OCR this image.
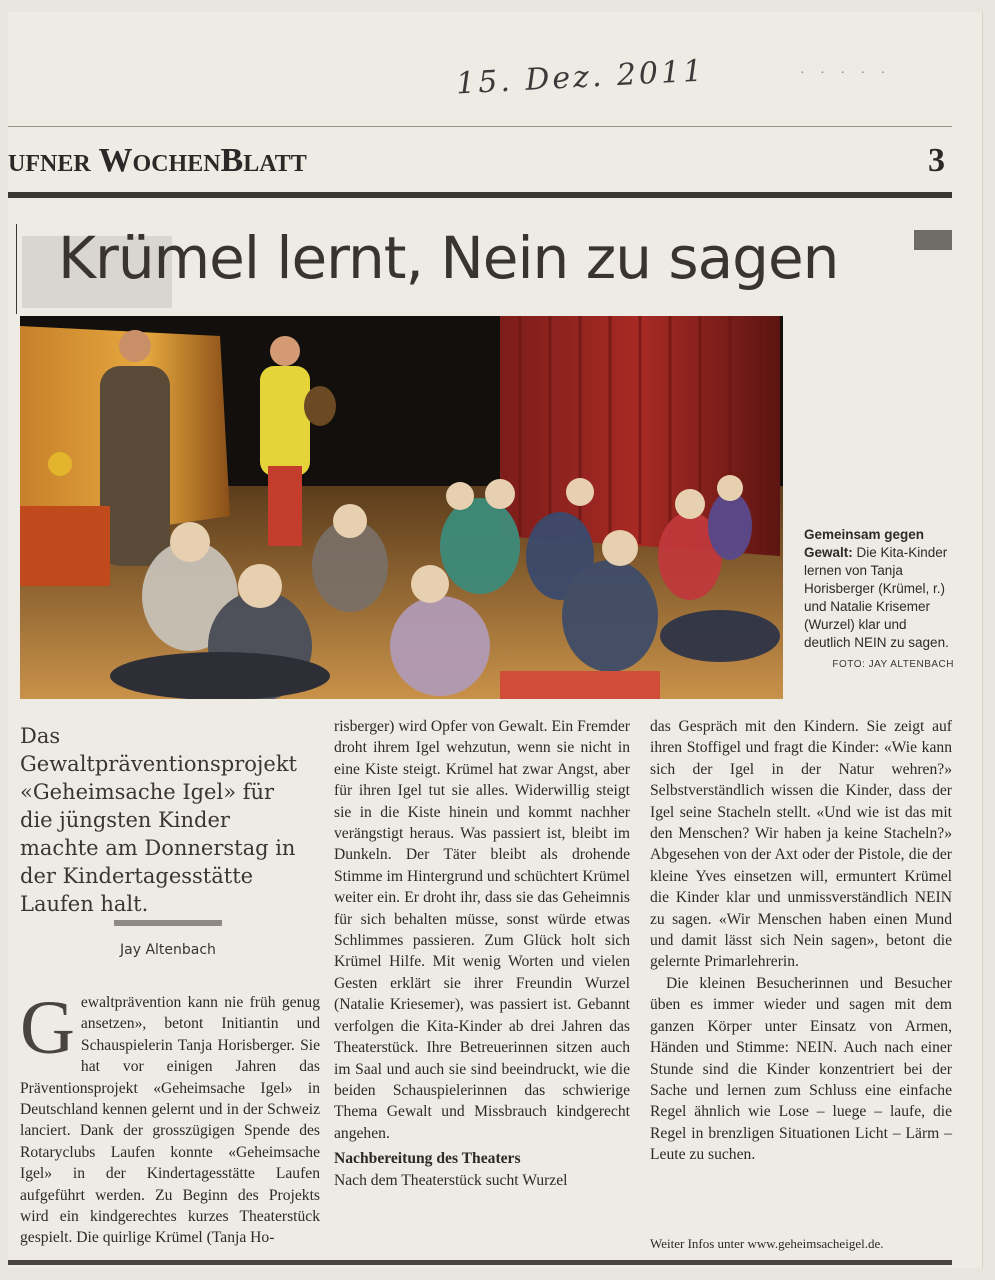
15. Dez. 2011	· · · · ·
ufner WochenBlatt	3
Krümel lernt, Nein zu sagen
Gemeinsam gegen Gewalt: Die Kita-Kinder lernen von Tanja Horisberger (Krümel, r.) und Natalie Krisemer (Wurzel) klar und deutlich NEIN zu sagen.
FOTO: JAY ALTENBACH
Das Gewaltpräventionsprojekt «Geheimsache Igel» für die jüngsten Kinder machte am Donnerstag in der Kindertagesstätte Laufen halt.
Jay Altenbach

Gewaltprävention kann nie früh genug ansetzen», betont Initiantin und Schauspielerin Tanja Horisberger. Sie hat vor einigen Jahren das Präventionsprojekt «Geheimsache Igel» in Deutschland kennen gelernt und in der Schweiz lanciert. Dank der grosszügigen Spende des Rotaryclubs Laufen konnte «Geheimsache Igel» in der Kindertagesstätte Laufen aufgeführt werden. Zu Beginn des Projekts wird ein kindgerechtes kurzes Theaterstück gespielt. Die quirlige Krümel (Tanja Ho-

risberger) wird Opfer von Gewalt. Ein Fremder droht ihrem Igel wehzutun, wenn sie nicht in eine Kiste steigt. Krümel hat zwar Angst, aber für ihren Igel tut sie alles. Widerwillig steigt sie in die Kiste hinein und kommt nachher verängstigt heraus. Was passiert ist, bleibt im Dunkeln. Der Täter bleibt als drohende Stimme im Hintergrund und schüchtert Krümel weiter ein. Er droht ihr, dass sie das Geheimnis für sich behalten müsse, sonst würde etwas Schlimmes passieren. Zum Glück holt sich Krümel Hilfe. Mit wenig Worten und vielen Gesten erklärt sie ihrer Freundin Wurzel (Natalie Kriesemer), was passiert ist. Gebannt verfolgen die Kita-Kinder ab drei Jahren das Theaterstück. Ihre Betreuerinnen sitzen auch im Saal und auch sie sind beeindruckt, wie die beiden Schauspielerinnen das schwierige Thema Gewalt und Missbrauch kindgerecht angehen.

Nachbereitung des Theaters

Nach dem Theaterstück sucht Wurzel

das Gespräch mit den Kindern. Sie zeigt auf ihren Stoffigel und fragt die Kinder: «Wie kann sich der Igel in der Natur wehren?» Selbstverständlich wissen die Kinder, dass der Igel seine Stacheln stellt. «Und wie ist das mit den Menschen? Wir haben ja keine Stacheln?» Abgesehen von der Axt oder der Pistole, die der kleine Yves einsetzen will, ermuntert Krümel die Kinder klar und unmissverständlich NEIN zu sagen. «Wir Menschen haben einen Mund und damit lässt sich Nein sagen», betont die gelernte Primarlehrerin.

Die kleinen Besucherinnen und Besucher üben es immer wieder und sagen mit dem ganzen Körper unter Einsatz von Armen, Händen und Stimme: NEIN. Auch nach einer Stunde sind die Kinder konzentriert bei der Sache und lernen zum Schluss eine einfache Regel ähnlich wie Lose – luege – laufe, die Regel in brenzligen Situationen Licht – Lärm – Leute zu suchen.

Weiter Infos unter www.geheimsacheigel.de.
